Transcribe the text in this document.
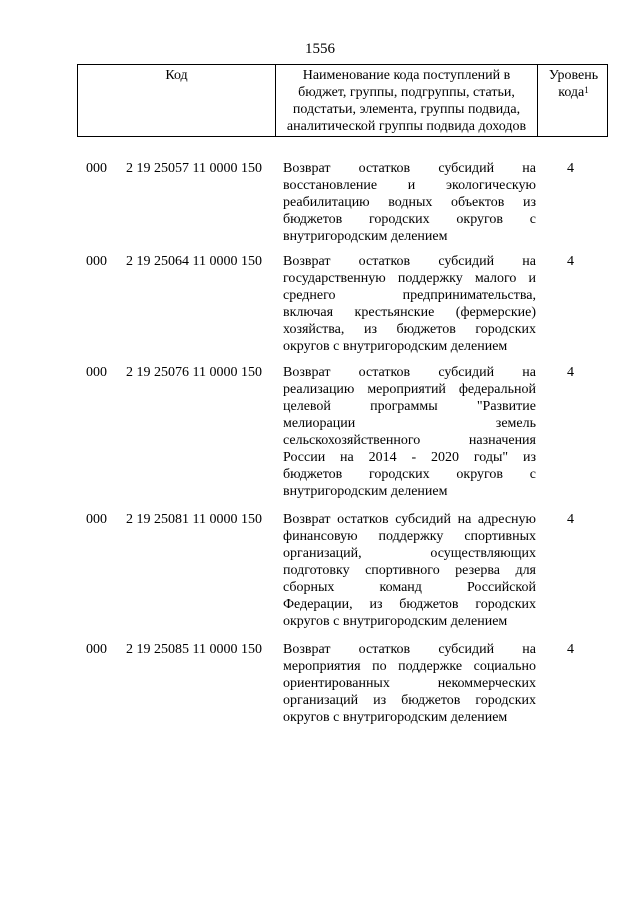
1556
Код	Наименование кода поступлений в
бюджет, группы, подгруппы, статьи,
подстатьи, элемента, группы подвида,
аналитической группы подвида доходов
Уровень
кода$^1$
000 2 19 25057 11 0000 150 Возврат остатков субсидий на
восстановление и экологическую
реабилитацию водных объектов из
бюджетов городских округов с
внутригородским делением
4
000 2 19 25064 11 0000 150 Возврат остатков субсидий на
государственную поддержку малого и
среднего предпринимательства,
включая крестьянские (фермерские)
хозяйства, из бюджетов городских
округов с внутригородским делением
4
000 2 19 25076 11 0000 150 Возврат остатков субсидий на
реализацию мероприятий федеральной
целевой программы "Развитие
мелиорации земель
сельскохозяйственного назначения
России на 2014 - 2020 годы" из
бюджетов городских округов с
внутригородским делением
4
000 2 19 25081 11 0000 150 Возврат остатков субсидий на адресную
финансовую поддержку спортивных
организаций, осуществляющих
подготовку спортивного резерва для
сборных команд Российской
Федерации, из бюджетов городских
округов с внутригородским делением
4
000 2 19 25085 11 0000 150 Возврат остатков субсидий на
мероприятия по поддержке социально
ориентированных некоммерческих
организаций из бюджетов городских
округов с внутригородским делением
4
